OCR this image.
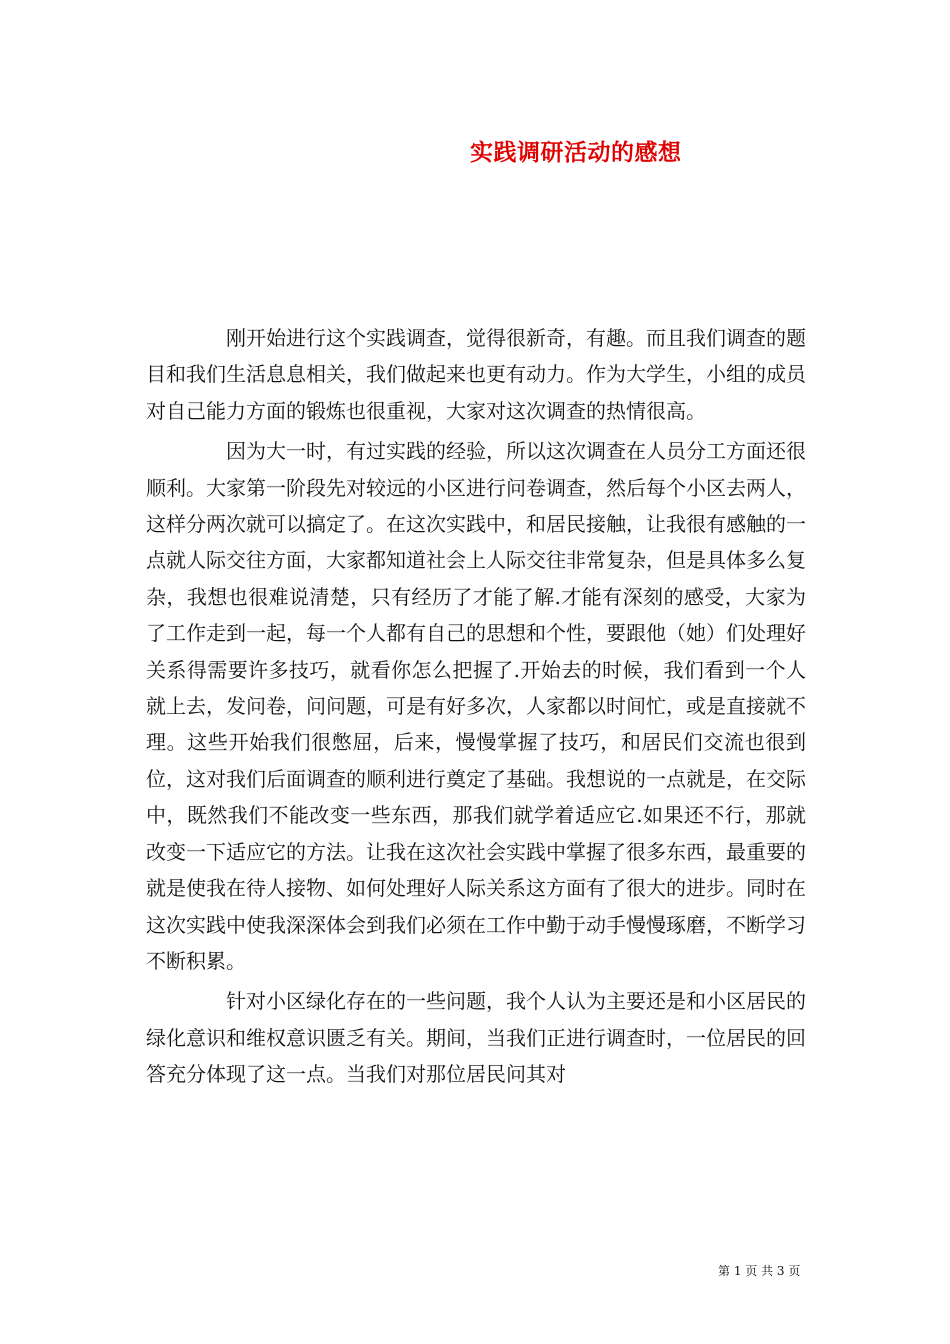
实践调研活动的感想

刚开始进行这个实践调查，觉得很新奇，有趣。而且我们调查的题目和我们生活息息相关，我们做起来也更有动力。作为大学生，小组的成员对自己能力方面的锻炼也很重视，大家对这次调查的热情很高。

因为大一时，有过实践的经验，所以这次调查在人员分工方面还很顺利。大家第一阶段先对较远的小区进行问卷调查，然后每个小区去两人，这样分两次就可以搞定了。在这次实践中，和居民接触，让我很有感触的一点就人际交往方面，大家都知道社会上人际交往非常复杂，但是具体多么复杂，我想也很难说清楚，只有经历了才能了解.才能有深刻的感受，大家为了工作走到一起，每一个人都有自己的思想和个性，要跟他（她）们处理好关系得需要许多技巧，就看你怎么把握了.开始去的时候，我们看到一个人就上去，发问卷，问问题，可是有好多次，人家都以时间忙，或是直接就不理。这些开始我们很憋屈，后来，慢慢掌握了技巧，和居民们交流也很到位，这对我们后面调查的顺利进行奠定了基础。我想说的一点就是，在交际中，既然我们不能改变一些东西，那我们就学着适应它.如果还不行，那就改变一下适应它的方法。让我在这次社会实践中掌握了很多东西，最重要的就是使我在待人接物、如何处理好人际关系这方面有了很大的进步。同时在这次实践中使我深深体会到我们必须在工作中勤于动手慢慢琢磨，不断学习不断积累。

针对小区绿化存在的一些问题，我个人认为主要还是和小区居民的绿化意识和维权意识匮乏有关。期间，当我们正进行调查时，一位居民的回答充分体现了这一点。当我们对那位居民问其对

第 1 页 共 3 页
